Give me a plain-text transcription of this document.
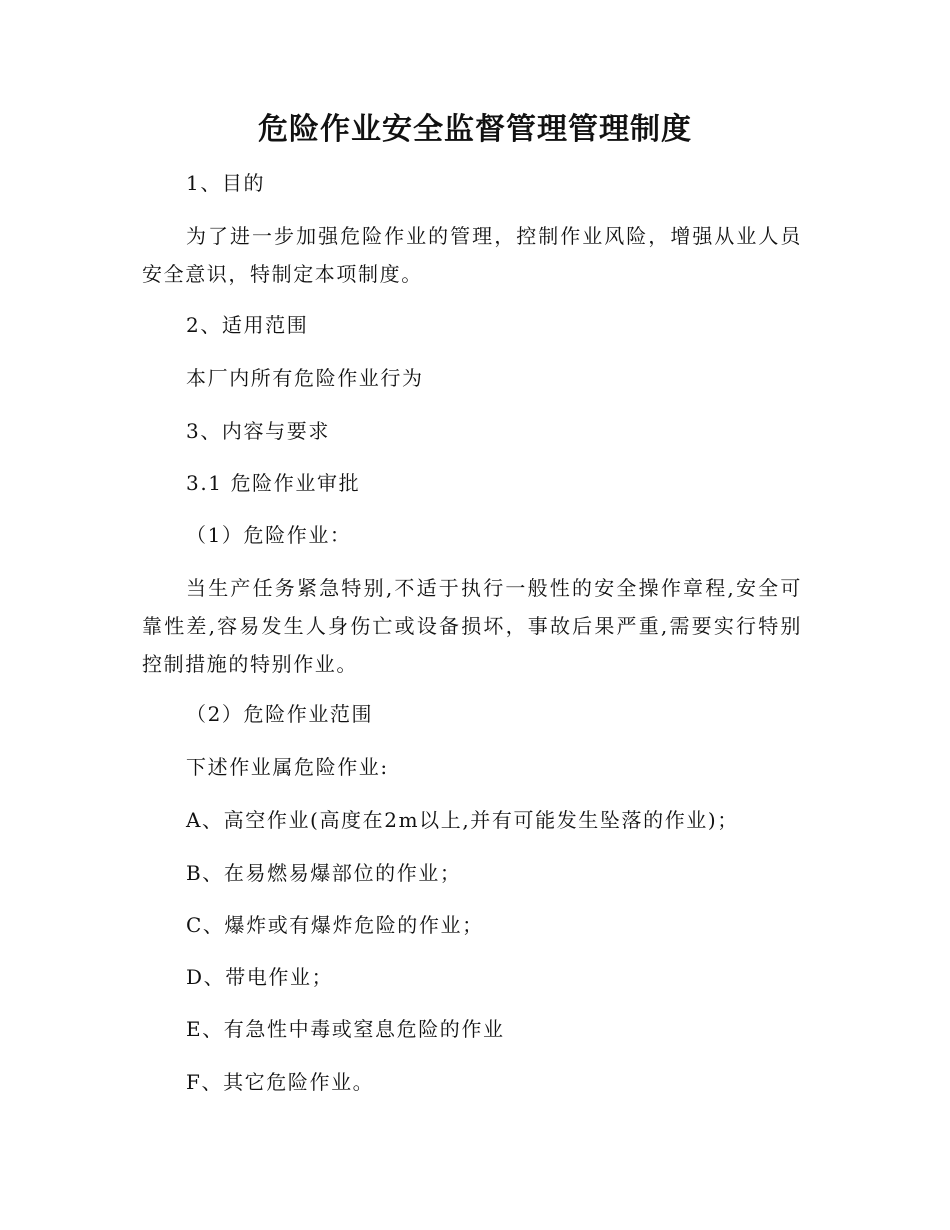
危险作业安全监督管理管理制度
1、目的
为了进一步加强危险作业的管理，控制作业风险，增强从业人员安全意识，特制定本项制度。
2、适用范围
本厂内所有危险作业行为
3、内容与要求
3.1 危险作业审批
（1）危险作业：
当生产任务紧急特别,不适于执行一般性的安全操作章程,安全可靠性差,容易发生人身伤亡或设备损坏，事故后果严重,需要实行特别控制措施的特别作业。
（2）危险作业范围
下述作业属危险作业:
A、高空作业(高度在2m以上,并有可能发生坠落的作业)；
B、在易燃易爆部位的作业；
C、爆炸或有爆炸危险的作业；
D、带电作业；
E、有急性中毒或窒息危险的作业
F、其它危险作业。
